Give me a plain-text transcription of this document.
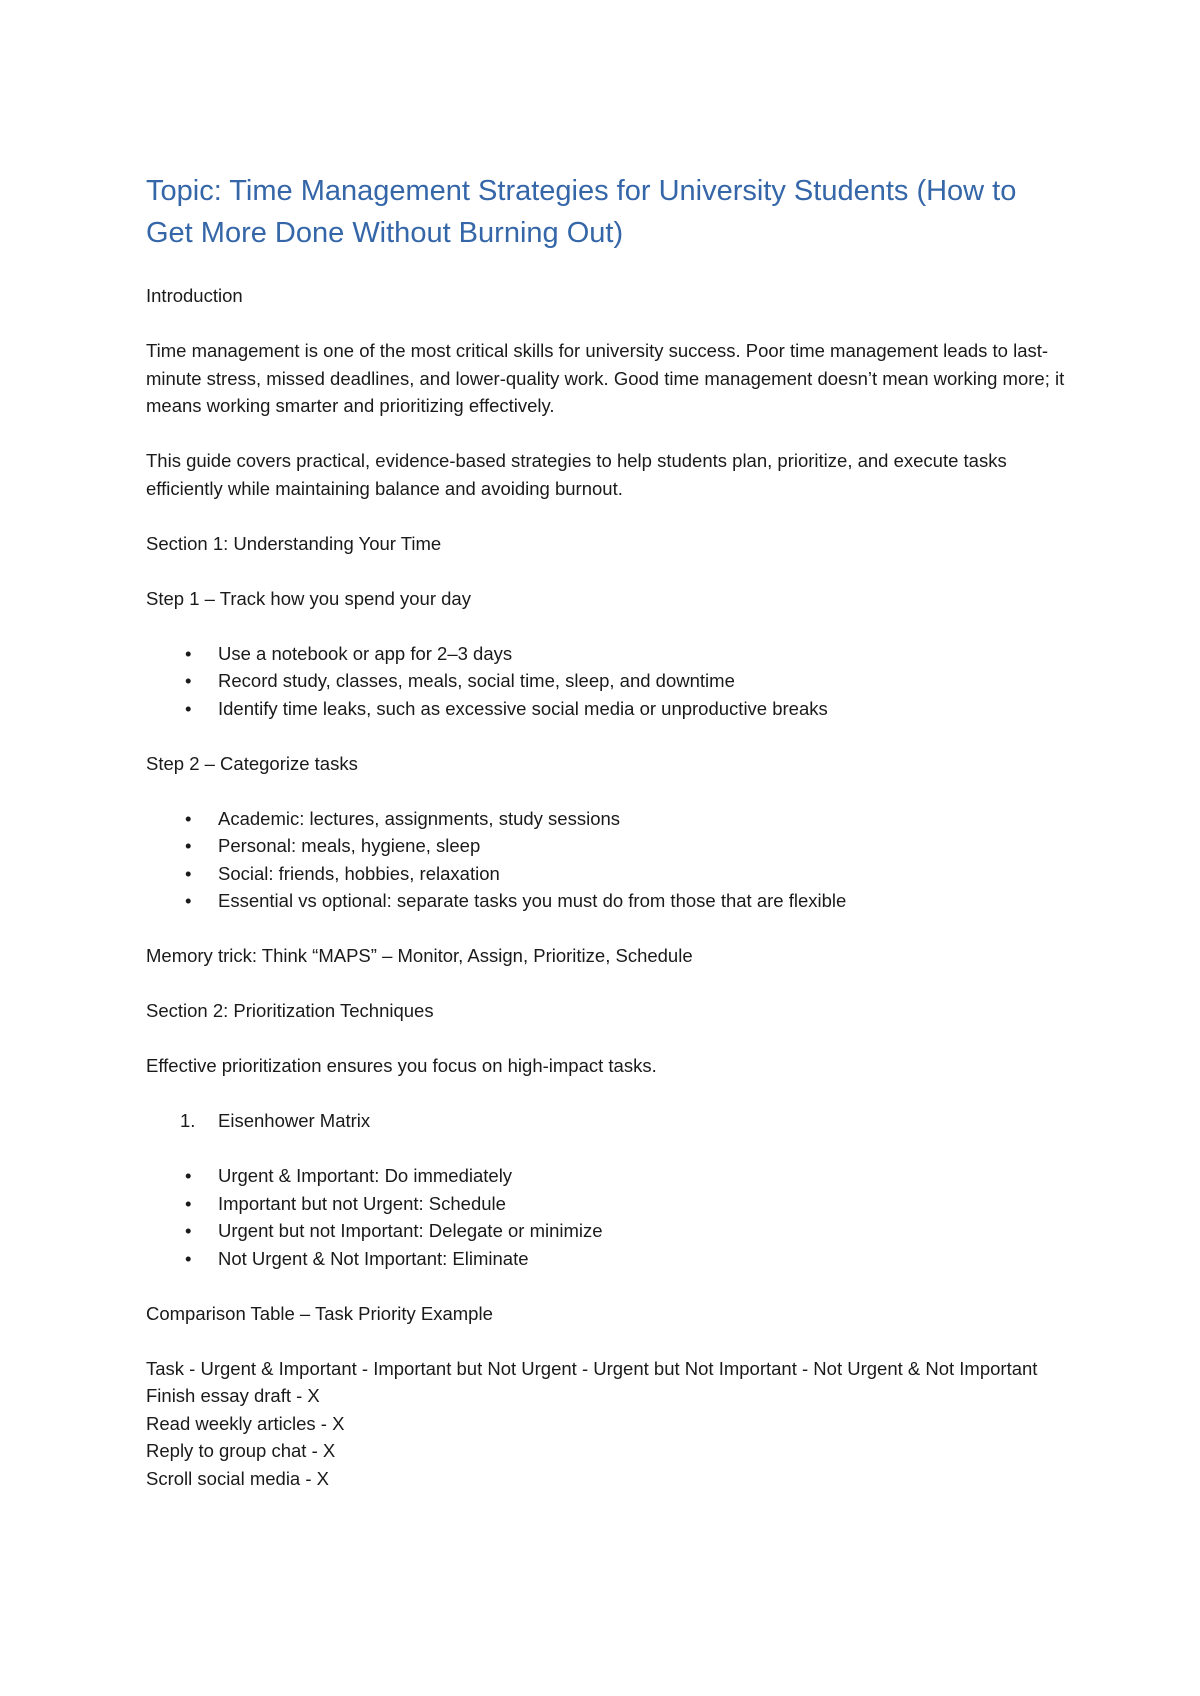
Topic: Time Management Strategies for University Students (How to Get More Done Without Burning Out)
Introduction
Time management is one of the most critical skills for university success. Poor time management leads to last-minute stress, missed deadlines, and lower-quality work. Good time management doesn’t mean working more; it means working smarter and prioritizing effectively.
This guide covers practical, evidence-based strategies to help students plan, prioritize, and execute tasks efficiently while maintaining balance and avoiding burnout.
Section 1: Understanding Your Time
Step 1 – Track how you spend your day
• Use a notebook or app for 2–3 days
• Record study, classes, meals, social time, sleep, and downtime
• Identify time leaks, such as excessive social media or unproductive breaks
Step 2 – Categorize tasks
• Academic: lectures, assignments, study sessions
• Personal: meals, hygiene, sleep
• Social: friends, hobbies, relaxation
• Essential vs optional: separate tasks you must do from those that are flexible
Memory trick: Think “MAPS” – Monitor, Assign, Prioritize, Schedule
Section 2: Prioritization Techniques
Effective prioritization ensures you focus on high-impact tasks.
1. Eisenhower Matrix
• Urgent & Important: Do immediately
• Important but not Urgent: Schedule
• Urgent but not Important: Delegate or minimize
• Not Urgent & Not Important: Eliminate
Comparison Table – Task Priority Example
Task - Urgent & Important - Important but Not Urgent - Urgent but Not Important - Not Urgent & Not Important
Finish essay draft - X
Read weekly articles - X
Reply to group chat - X
Scroll social media - X
